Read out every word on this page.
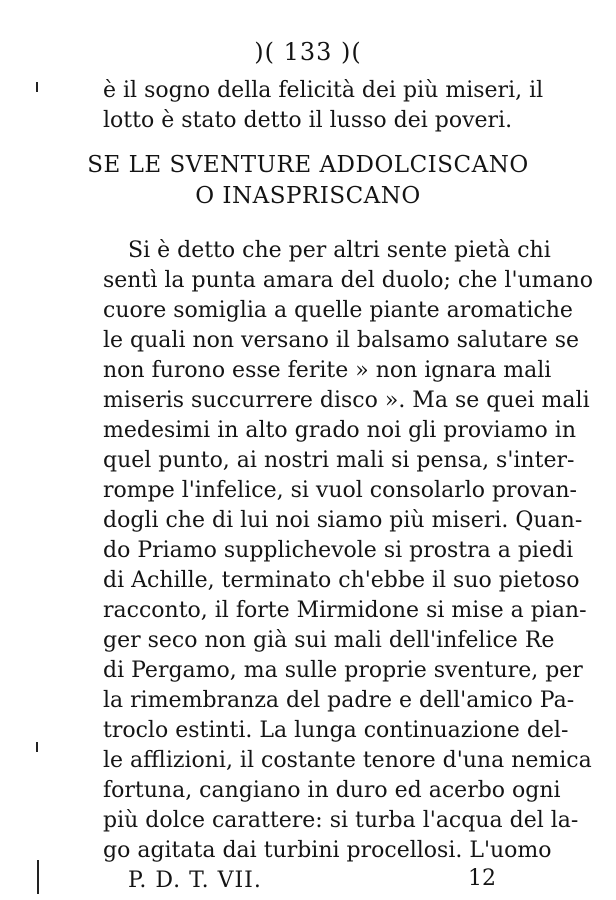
)( 133 )(
è il sogno della felicità dei più miseri, il
lotto è stato detto il lusso dei poveri.
SE LE SVENTURE ADDOLCISCANO
O INASPRISCANO
Si è detto che per altri sente pietà chi
sentì la punta amara del duolo; che l'umano
cuore somiglia a quelle piante aromatiche
le quali non versano il balsamo salutare se
non furono esse ferite » non ignara mali
miseris succurrere disco ». Ma se quei mali
medesimi in alto grado noi gli proviamo in
quel punto, ai nostri mali si pensa, s'inter-
rompe l'infelice, si vuol consolarlo provan-
dogli che di lui noi siamo più miseri. Quan-
do Priamo supplichevole si prostra a piedi
di Achille, terminato ch'ebbe il suo pietoso
racconto, il forte Mirmidone si mise a pian-
ger seco non già sui mali dell'infelice Re
di Pergamo, ma sulle proprie sventure, per
la rimembranza del padre e dell'amico Pa-
troclo estinti. La lunga continuazione del-
le afflizioni, il costante tenore d'una nemica
fortuna, cangiano in duro ed acerbo ogni
più dolce carattere: si turba l'acqua del la-
go agitata dai turbini procellosi. L'uomo
P. D. T. VII.	12
